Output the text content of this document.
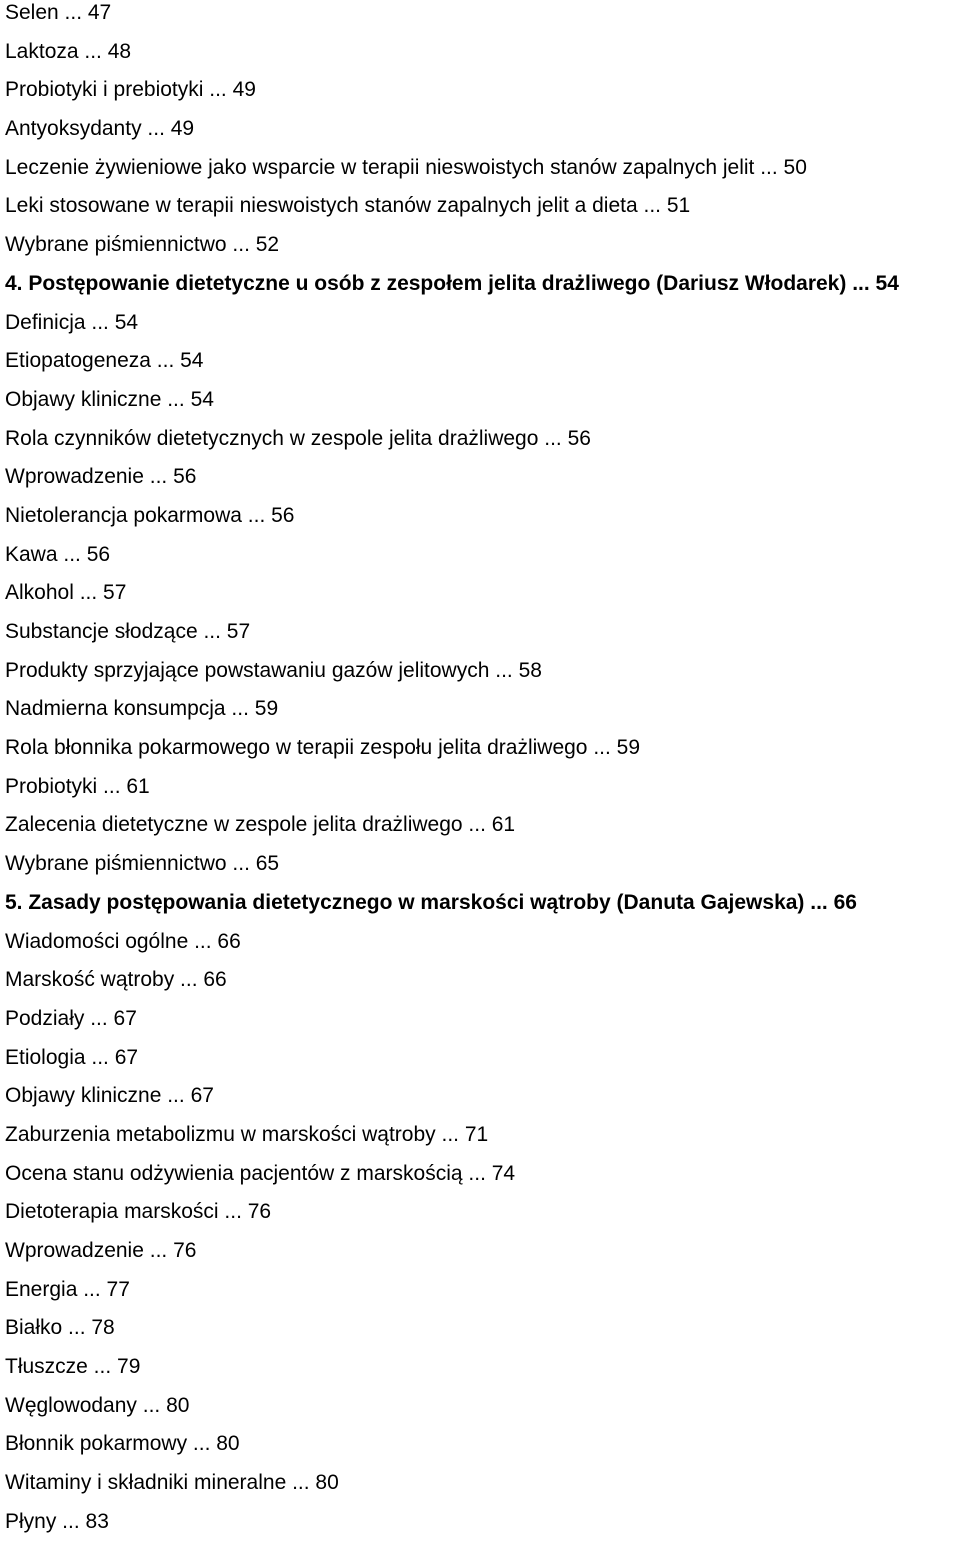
Selen ... 47
Laktoza ... 48
Probiotyki i prebiotyki ... 49
Antyoksydanty ... 49
Leczenie żywieniowe jako wsparcie w terapii nieswoistych stanów zapalnych jelit ... 50
Leki stosowane w terapii nieswoistych stanów zapalnych jelit a dieta ... 51
Wybrane piśmiennictwo ... 52
4. Postępowanie dietetyczne u osób z zespołem jelita drażliwego (Dariusz Włodarek) ... 54
Definicja ... 54
Etiopatogeneza ... 54
Objawy kliniczne ... 54
Rola czynników dietetycznych w zespole jelita drażliwego ... 56
Wprowadzenie ... 56
Nietolerancja pokarmowa ... 56
Kawa ... 56
Alkohol ... 57
Substancje słodzące ... 57
Produkty sprzyjające powstawaniu gazów jelitowych ... 58
Nadmierna konsumpcja ... 59
Rola błonnika pokarmowego w terapii zespołu jelita drażliwego ... 59
Probiotyki ... 61
Zalecenia dietetyczne w zespole jelita drażliwego ... 61
Wybrane piśmiennictwo ... 65
5. Zasady postępowania dietetycznego w marskości wątroby (Danuta Gajewska) ... 66
Wiadomości ogólne ... 66
Marskość wątroby ... 66
Podziały ... 67
Etiologia ... 67
Objawy kliniczne ... 67
Zaburzenia metabolizmu w marskości wątroby ... 71
Ocena stanu odżywienia pacjentów z marskością ... 74
Dietoterapia marskości ... 76
Wprowadzenie ... 76
Energia ... 77
Białko ... 78
Tłuszcze ... 79
Węglowodany ... 80
Błonnik pokarmowy ... 80
Witaminy i składniki mineralne ... 80
Płyny ... 83
